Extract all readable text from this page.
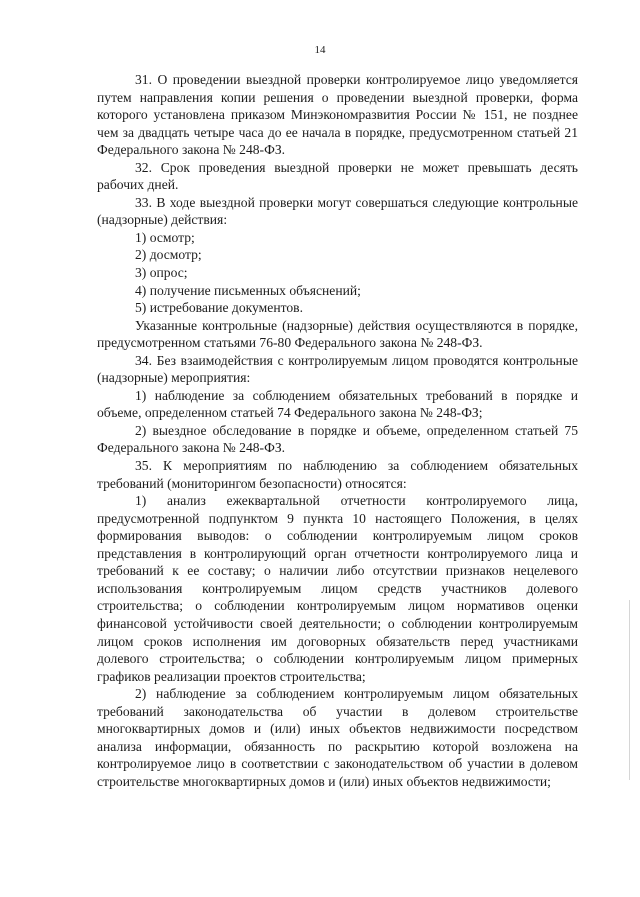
14

31. О проведении выездной проверки контролируемое лицо уведомляется путем направления копии решения о проведении выездной проверки, форма которого установлена приказом Минэкономразвития России № 151, не позднее чем за двадцать четыре часа до ее начала в порядке, предусмотренном статьей 21 Федерального закона № 248-ФЗ.

32. Срок проведения выездной проверки не может превышать десять рабочих дней.

33. В ходе выездной проверки могут совершаться следующие контрольные (надзорные) действия:

1) осмотр;

2) досмотр;

3) опрос;

4) получение письменных объяснений;

5) истребование документов.

Указанные контрольные (надзорные) действия осуществляются в порядке, предусмотренном статьями 76-80 Федерального закона № 248-ФЗ.

34. Без взаимодействия с контролируемым лицом проводятся контрольные (надзорные) мероприятия:

1) наблюдение за соблюдением обязательных требований в порядке и объеме, определенном статьей 74 Федерального закона № 248-ФЗ;

2) выездное обследование в порядке и объеме, определенном статьей 75 Федерального закона № 248-ФЗ.

35. К мероприятиям по наблюдению за соблюдением обязательных требований (мониторингом безопасности) относятся:

1) анализ ежеквартальной отчетности контролируемого лица, предусмотренной подпунктом 9 пункта 10 настоящего Положения, в целях формирования выводов: о соблюдении контролируемым лицом сроков представления в контролирующий орган отчетности контролируемого лица и требований к ее составу; о наличии либо отсутствии признаков нецелевого использования контролируемым лицом средств участников долевого строительства; о соблюдении контролируемым лицом нормативов оценки финансовой устойчивости своей деятельности; о соблюдении контролируемым лицом сроков исполнения им договорных обязательств перед участниками долевого строительства; о соблюдении контролируемым лицом примерных графиков реализации проектов строительства;

2) наблюдение за соблюдением контролируемым лицом обязательных требований законодательства об участии в долевом строительстве многоквартирных домов и (или) иных объектов недвижимости посредством анализа информации, обязанность по раскрытию которой возложена на контролируемое лицо в соответствии с законодательством об участии в долевом строительстве многоквартирных домов и (или) иных объектов недвижимости;
